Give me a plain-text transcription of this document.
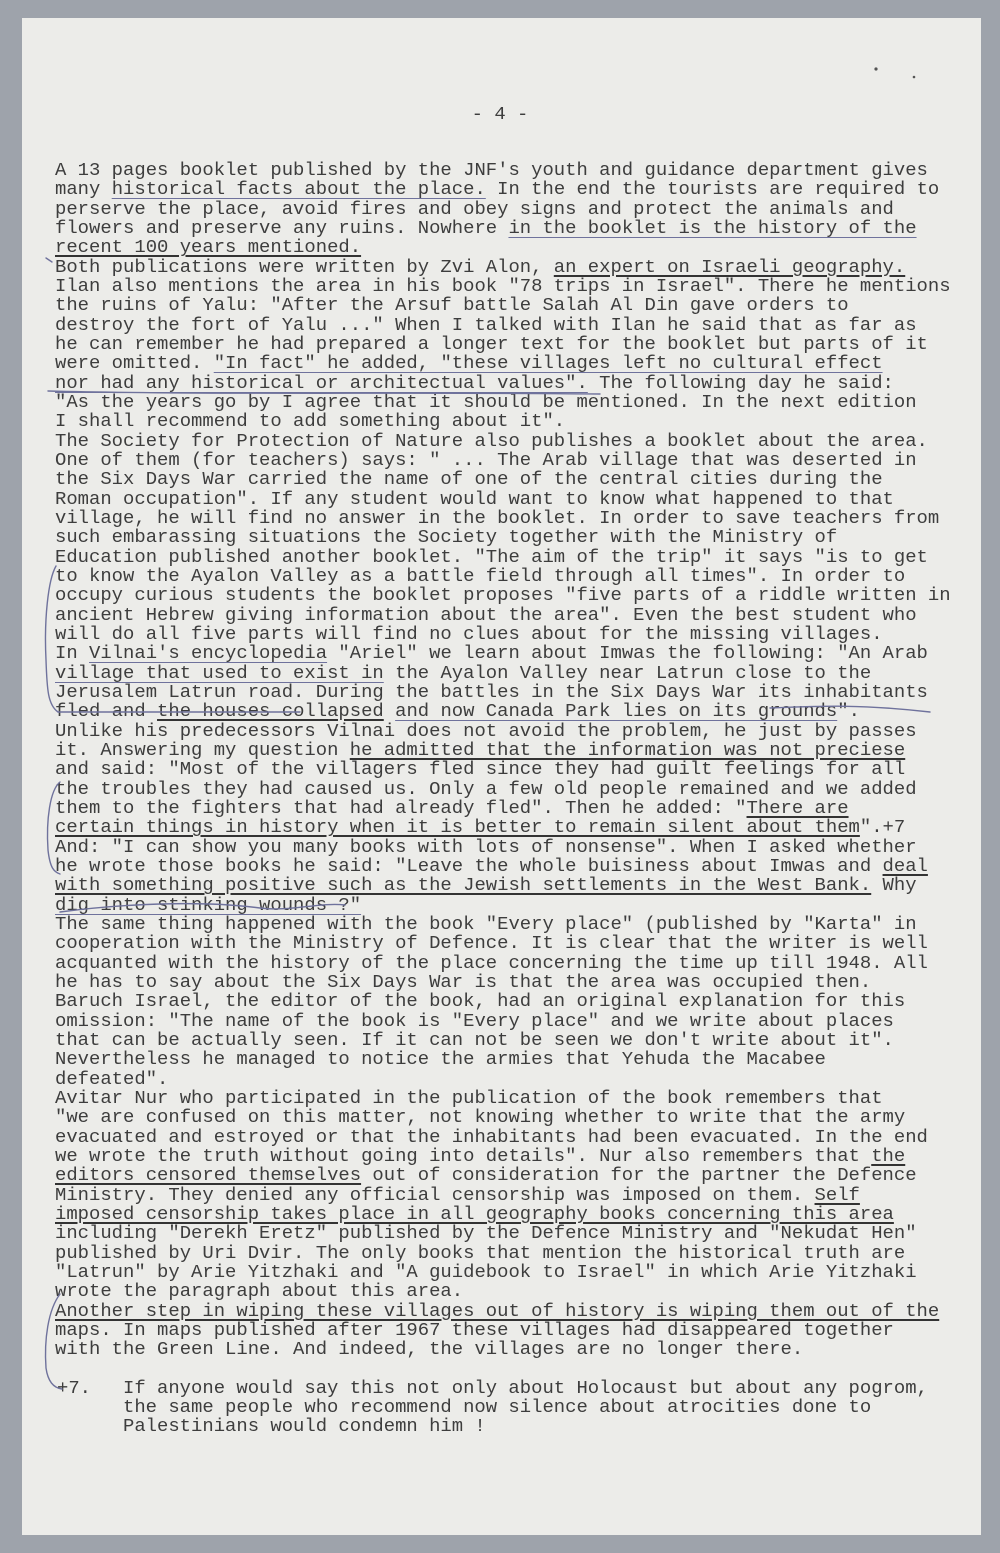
- 4 -
A 13 pages booklet published by the JNF's youth and guidance department gives
many historical facts about the place. In the end the tourists are required to
perserve the place, avoid fires and obey signs and protect the animals and
flowers and preserve any ruins. Nowhere in the booklet is the history of the
recent 100 years mentioned.
Both publications were written by Zvi Alon, an expert on Israeli geography.
Ilan also mentions the area in his book "78 trips in Israel". There he mentions
the ruins of Yalu: "After the Arsuf battle Salah Al Din gave orders to
destroy the fort of Yalu ..." When I talked with Ilan he said that as far as
he can remember he had prepared a longer text for the booklet but parts of it
were omitted. "In fact" he added, "these villages left no cultural effect
nor had any historical or architectual values". The following day he said:
"As the years go by I agree that it should be mentioned. In the next edition
I shall recommend to add something about it".
The Society for Protection of Nature also publishes a booklet about the area.
One of them (for teachers) says: " ... The Arab village that was deserted in
the Six Days War carried the name of one of the central cities during the
Roman occupation". If any student would want to know what happened to that
village, he will find no answer in the booklet. In order to save teachers from
such embarassing situations the Society together with the Ministry of
Education published another booklet. "The aim of the trip" it says "is to get
to know the Ayalon Valley as a battle field through all times". In order to
occupy curious students the booklet proposes "five parts of a riddle written in
ancient Hebrew giving information about the area". Even the best student who
will do all five parts will find no clues about for the missing villages.
In Vilnai's encyclopedia "Ariel" we learn about Imwas the following: "An Arab
village that used to exist in the Ayalon Valley near Latrun close to the
Jerusalem Latrun road. During the battles in the Six Days War its inhabitants
fled and the houses collapsed and now Canada Park lies on its grounds".
Unlike his predecessors Vilnai does not avoid the problem, he just by passes
it. Answering my question he admitted that the information was not preciese
and said: "Most of the villagers fled since they had guilt feelings for all
the troubles they had caused us. Only a few old people remained and we added
them to the fighters that had already fled". Then he added: "There are
certain things in history when it is better to remain silent about them".+7
And: "I can show you many books with lots of nonsense". When I asked whether
he wrote those books he said: "Leave the whole buisiness about Imwas and deal
with something positive such as the Jewish settlements in the West Bank. Why
dig into stinking wounds ?"
The same thing happened with the book "Every place" (published by "Karta" in
cooperation with the Ministry of Defence. It is clear that the writer is well
acquanted with the history of the place concerning the time up till 1948. All
he has to say about the Six Days War is that the area was occupied then.
Baruch Israel, the editor of the book, had an original explanation for this
omission: "The name of the book is "Every place" and we write about places
that can be actually seen. If it can not be seen we don't write about it".
Nevertheless he managed to notice the armies that Yehuda the Macabee
defeated".
Avitar Nur who participated in the publication of the book remembers that
"we are confused on this matter, not knowing whether to write that the army
evacuated and estroyed or that the inhabitants had been evacuated. In the end
we wrote the truth without going into details". Nur also remembers that the
editors censored themselves out of consideration for the partner the Defence
Ministry. They denied any official censorship was imposed on them. Self
imposed censorship takes place in all geography books concerning this area
including "Derekh Eretz" published by the Defence Ministry and "Nekudat Hen"
published by Uri Dvir. The only books that mention the historical truth are
"Latrun" by Arie Yitzhaki and "A guidebook to Israel" in which Arie Yitzhaki
wrote the paragraph about this area.
Another step in wiping these villages out of history is wiping them out of the
maps. In maps published after 1967 these villages had disappeared together
with the Green Line. And indeed, the villages are no longer there.
+7. If anyone would say this not only about Holocaust but about any pogrom,
the same people who recommend now silence about atrocities done to
Palestinians would condemn him !
